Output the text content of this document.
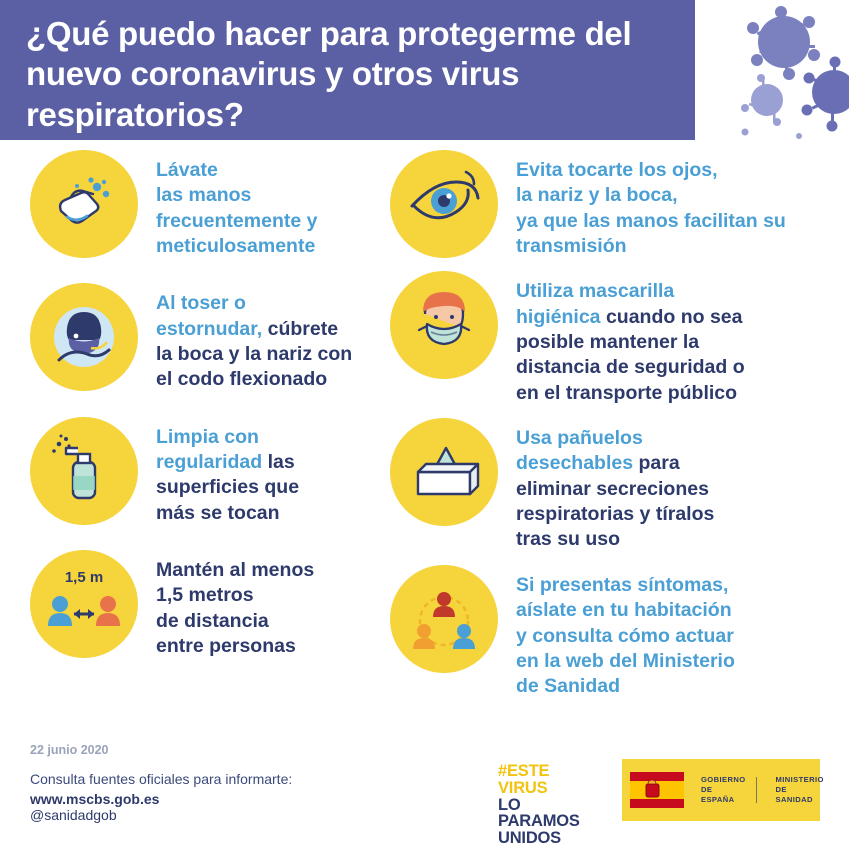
¿Qué puedo hacer para protegerme del nuevo coronavirus y otros virus respiratorios?
Lávate
las manos
frecuentemente y
meticulosamente
Al toser o
estornudar, cúbrete
la boca y la nariz con
el codo flexionado
Limpia con
regularidad las
superficies que
más se tocan
1,5 m	Mantén al menos
1,5 metros
de distancia
entre personas
Evita tocarte los ojos,
la nariz y la boca,
ya que las manos facilitan su
transmisión
Utiliza mascarilla
higiénica cuando no sea
posible mantener la
distancia de seguridad o
en el transporte público
Usa pañuelos
desechables para
eliminar secreciones
respiratorias y tíralos
tras su uso
Si presentas síntomas,
aíslate en tu habitación
y consulta cómo actuar
en la web del Ministerio
de Sanidad
22 junio 2020
Consulta fuentes oficiales para informarte:
www.mscbs.gob.es
@sanidadgob
#ESTE
VIRUS
LO
PARAMOS
UNIDOS
GOBIERNO
DE ESPAÑA
MINISTERIO
DE SANIDAD
